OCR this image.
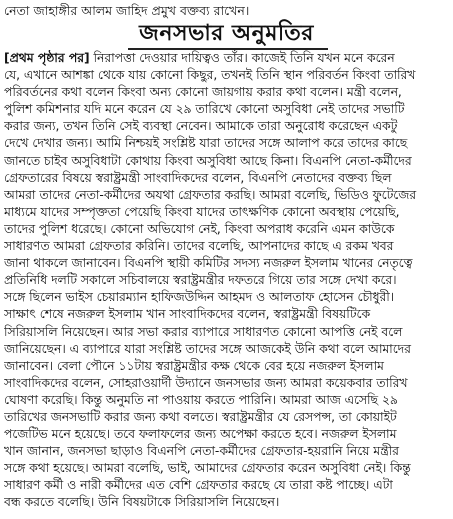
নেতা জাহাঙ্গীর আলম জাহিদ প্রমুখ বক্তব্য রাখেন।
জনসভার অনুমতির
[প্রথম পৃষ্ঠার পর] নিরাপত্তা দেওয়ার দায়িত্বও তাঁর। কাজেই তিনি যখন মনে করেন
যে, এখানে আশঙ্কা থেকে যায় কোনো কিছুর, তখনই তিনি স্থান পরিবর্তন কিংবা তারিখ
পরিবর্তনের কথা বলেন কিংবা অন্য কোনো জায়গায় করার কথা বলেন। মন্ত্রী বলেন,
পুলিশ কমিশনার যদি মনে করেন যে ২৯ তারিখে কোনো অসুবিধা নেই তাদের সভাটি
করার জন্য, তখন তিনি সেই ব্যবস্থা নেবেন। আমাকে তারা অনুরোধ করেছেন একটু
দেখে দেখার জন্য। আমি নিশ্চয়ই সংশ্লিষ্ট যারা তাদের সঙ্গে আলাপ করে তাদের কাছে
জানতে চাইব অসুবিধাটা কোথায় কিংবা অসুবিধা আছে কিনা। বিএনপি নেতা-কর্মীদের
গ্রেফতারের বিষয়ে স্বরাষ্ট্রমন্ত্রী সাংবাদিকদের বলেন, বিএনপি নেতাদের বক্তব্য ছিল
আমরা তাদের নেতা-কর্মীদের অযথা গ্রেফতার করছি। আমরা বলেছি, ভিডিও ফুটেজের
মাধ্যমে যাদের সম্পৃক্ততা পেয়েছি কিংবা যাদের তাৎক্ষণিক কোনো অবস্থায় পেয়েছি,
তাদের পুলিশ ধরেছে। কোনো অভিযোগ নেই, কিংবা অপরাধ করেনি এমন কাউকে
সাধারণত আমরা গ্রেফতার করিনি। তাদের বলেছি, আপনাদের কাছে এ রকম খবর
জানা থাকলে জানাবেন। বিএনপি স্থায়ী কমিটির সদস্য নজরুল ইসলাম খানের নেতৃত্বে
প্রতিনিধি দলটি সকালে সচিবালয়ে স্বরাষ্ট্রমন্ত্রীর দফতরে গিয়ে তার সঙ্গে দেখা করে।
সঙ্গে ছিলেন ভাইস চেয়ারম্যান হাফিজউদ্দিন আহমদ ও আলতাফ হোসেন চৌধুরী।
সাক্ষাৎ শেষে নজরুল ইসলাম খান সাংবাদিকদের বলেন, স্বরাষ্ট্রমন্ত্রী বিষয়টিকে
সিরিয়াসলি নিয়েছেন। আর সভা করার ব্যাপারে সাধারণত কোনো আপত্তি নেই বলে
জানিয়েছেন। এ ব্যাপারে যারা সংশ্লিষ্ট তাদের সঙ্গে আজকেই উনি কথা বলে আমাদের
জানাবেন। বেলা পৌনে ১১টায় স্বরাষ্ট্রমন্ত্রীর কক্ষ থেকে বের হয়ে নজরুল ইসলাম
সাংবাদিকদের বলেন, সোহরাওয়ার্দী উদ্যানে জনসভার জন্য আমরা কয়েকবার তারিখ
ঘোষণা করেছি। কিন্তু অনুমতি না পাওয়ায় করতে পারিনি। আমরা আজ এসেছি ২৯
তারিখের জনসভাটি করার জন্য কথা বলতে। স্বরাষ্ট্রমন্ত্রীর যে রেসপন্স, তা কোয়াইট
পজেটিভ মনে হয়েছে। তবে ফলাফলের জন্য অপেক্ষা করতে হবে। নজরুল ইসলাম
খান জানান, জনসভা ছাড়াও বিএনপি নেতা-কর্মীদের গ্রেফতার-হয়রানি নিয়ে মন্ত্রীর
সঙ্গে কথা হয়েছে। আমরা বলেছি, ভাই, আমাদের গ্রেফতার করেন অসুবিধা নেই। কিন্তু
সাধারণ কর্মী ও নারী কর্মীদের এত বেশি গ্রেফতার করছে যে তারা কষ্ট পাচ্ছে। এটা
বন্ধ করতে বলেছি। উনি বিষয়টাকে সিরিয়াসলি নিয়েছেন।
